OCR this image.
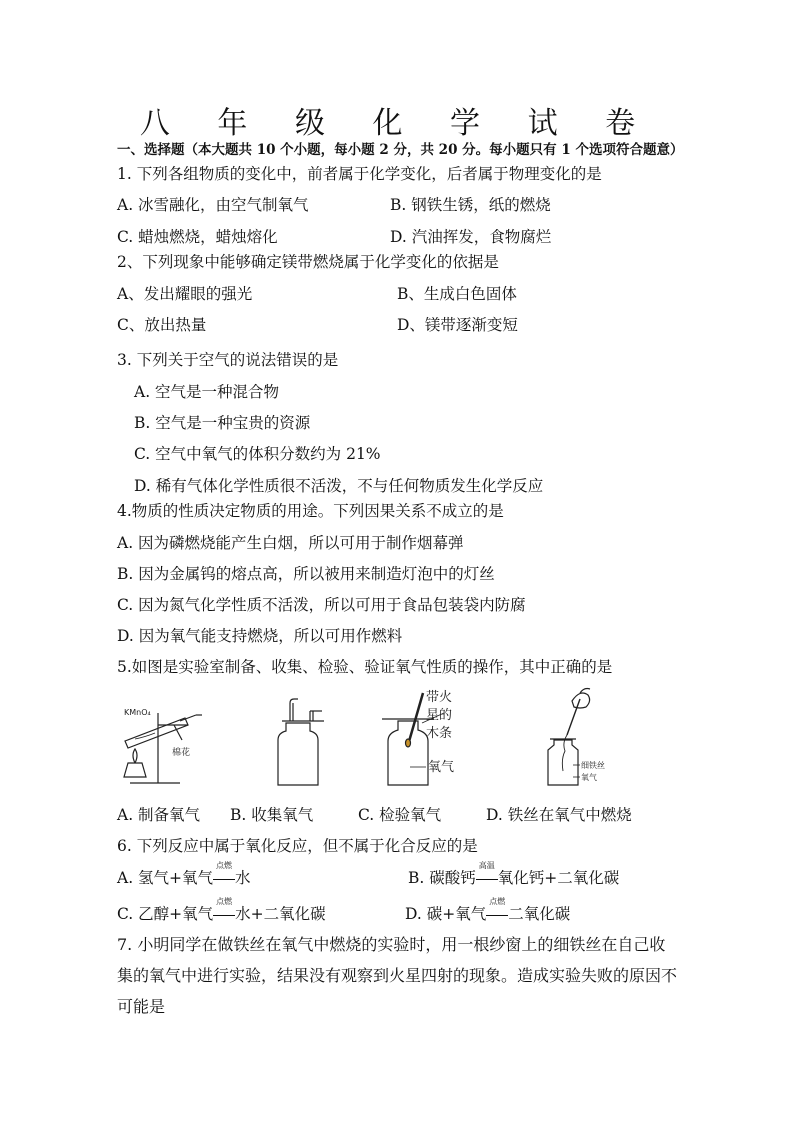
八 年 级 化 学 试 卷
一、选择题（本大题共 10 个小题，每小题 2 分，共 20 分。每小题只有 1 个选项符合题意）
1. 下列各组物质的变化中，前者属于化学变化，后者属于物理变化的是
A. 冰雪融化，由空气制氧气	B. 钢铁生锈，纸的燃烧
C. 蜡烛燃烧，蜡烛熔化	D. 汽油挥发，食物腐烂
2、下列现象中能够确定镁带燃烧属于化学变化的依据是
A、发出耀眼的强光	B、生成白色固体
C、放出热量	D、镁带逐渐变短
3. 下列关于空气的说法错误的是
A. 空气是一种混合物
B. 空气是一种宝贵的资源
C. 空气中氧气的体积分数约为 21%
D. 稀有气体化学性质很不活泼，不与任何物质发生化学反应
4.物质的性质决定物质的用途。下列因果关系不成立的是
A. 因为磷燃烧能产生白烟，所以可用于制作烟幕弹
B. 因为金属钨的熔点高，所以被用来制造灯泡中的灯丝
C. 因为氮气化学性质不活泼，所以可用于食品包装袋内防腐
D. 因为氧气能支持燃烧，所以可用作燃料
5.如图是实验室制备、收集、检验、验证氧气性质的操作，其中正确的是
KMnO₄
棉花
带火
星的
木条
氧气	细铁丝
氧气
A. 制备氧气 B. 收集氧气	C. 检验氧气	D. 铁丝在氧气中燃烧
6. 下列反应中属于氧化反应，但不属于化合反应的是
A. 氢气+氧气
点燃
水	B. 碳酸钙
高温
氧化钙+二氧化碳
C. 乙醇+氧气
点燃
水+二氧化碳	D. 碳+氧气
点燃
二氧化碳
7. 小明同学在做铁丝在氧气中燃烧的实验时，用一根纱窗上的细铁丝在自己收
集的氧气中进行实验，结果没有观察到火星四射的现象。造成实验失败的原因不
可能是
